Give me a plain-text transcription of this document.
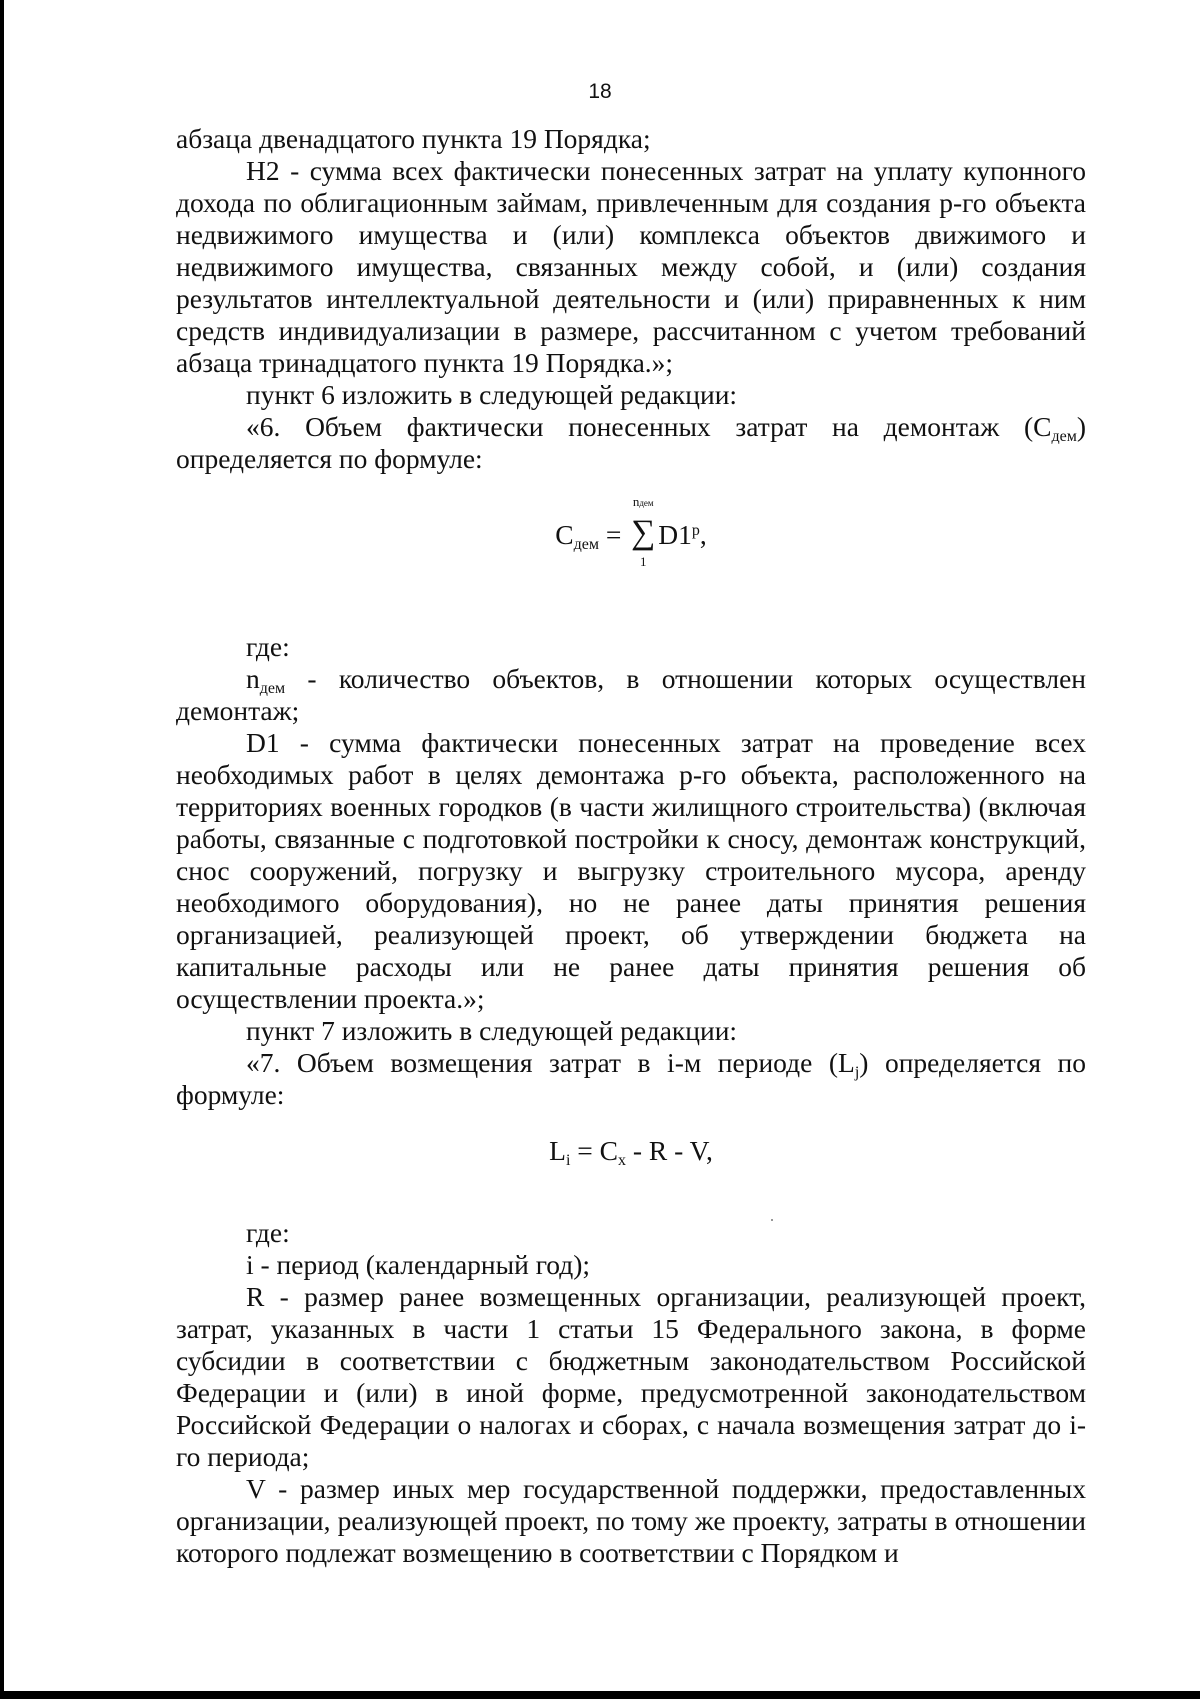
18

абзаца двенадцатого пункта 19 Порядка;

Н2 - сумма всех фактически понесенных затрат на уплату купонного дохода по облигационным займам, привлеченным для создания p-го объекта недвижимого имущества и (или) комплекса объектов движимого и недвижимого имущества, связанных между собой, и (или) создания результатов интеллектуальной деятельности и (или) приравненных к ним средств индивидуализации в размере, рассчитанном с учетом требований абзаца тринадцатого пункта 19 Порядка.»;

пункт 6 изложить в следующей редакции:

«6. Объем фактически понесенных затрат на демонтаж $(С_{дем})$ определяется по формуле:

$С_{дем}$ =
nдем
∑
1
D1$^p$,

где:

$n_{дем}$ - количество объектов, в отношении которых осуществлен демонтаж;

D1 - сумма фактически понесенных затрат на проведение всех необходимых работ в целях демонтажа p-го объекта, расположенного на территориях военных городков (в части жилищного строительства) (включая работы, связанные с подготовкой постройки к сносу, демонтаж конструкций, снос сооружений, погрузку и выгрузку строительного мусора, аренду необходимого оборудования), но не ранее даты принятия решения организацией, реализующей проект, об утверждении бюджета на капитальные расходы или не ранее даты принятия решения об осуществлении проекта.»;

пункт 7 изложить в следующей редакции:

«7. Объем возмещения затрат в i-м периоде $(L_j)$ определяется по формуле:

$L_i = C_x - R - V$,

где:

i - период (календарный год);

R - размер ранее возмещенных организации, реализующей проект, затрат, указанных в части 1 статьи 15 Федерального закона, в форме субсидии в соответствии с бюджетным законодательством Российской Федерации и (или) в иной форме, предусмотренной законодательством Российской Федерации о налогах и сборах, с начала возмещения затрат до i-го периода;

V - размер иных мер государственной поддержки, предоставленных организации, реализующей проект, по тому же проекту, затраты в отношении которого подлежат возмещению в соответствии с Порядком и
